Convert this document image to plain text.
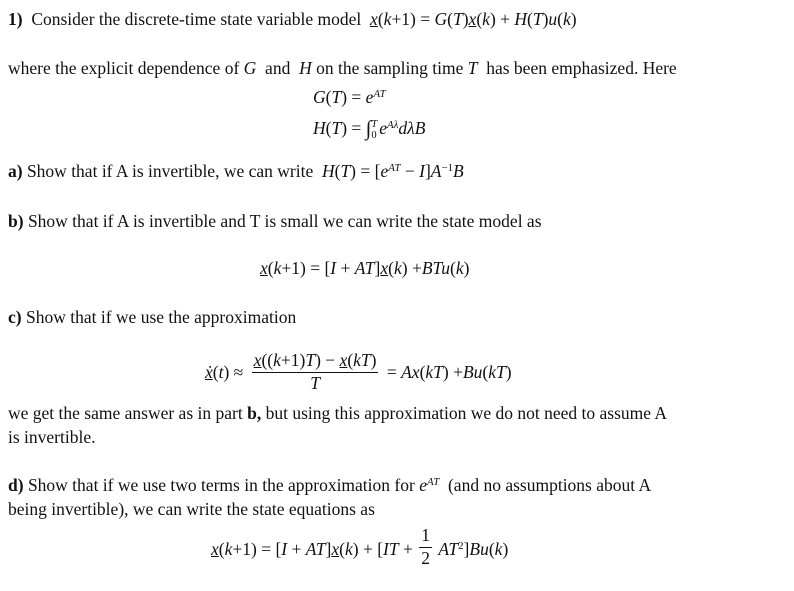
1) Consider the discrete-time state variable model x(k+1) = G(T)x(k) + H(T)u(k)
where the explicit dependence of G  and  H on the sampling time T  has been emphasized. Here
$G(T) = e^{AT}$
H(T) = ∫ T
0 $e^{A\lambda}d\lambda B$
a) Show that if A is invertible, we can write $H(T) = [e^{AT} - I]A^{-1}B$
b) Show that if A is invertible and T is small we can write the state model as
x(k+1) = [I + AT]x(k) +BTu(k)
c) Show that if we use the approximation
ẋ(t) ≈ $\frac{x((k+1)T) - x(kT)}{T} = Ax(kT) +Bu(kT)$
we get the same answer as in part b, but using this approximation we do not need to assume A
is invertible.
d) Show that if we use two terms in the approximation for $e^{AT}$ (and no assumptions about A
being invertible), we can write the state equations as
$x(k+1) = [I + AT]x(k) + [IT + \frac{1}{2} AT^2]Bu(k)$
